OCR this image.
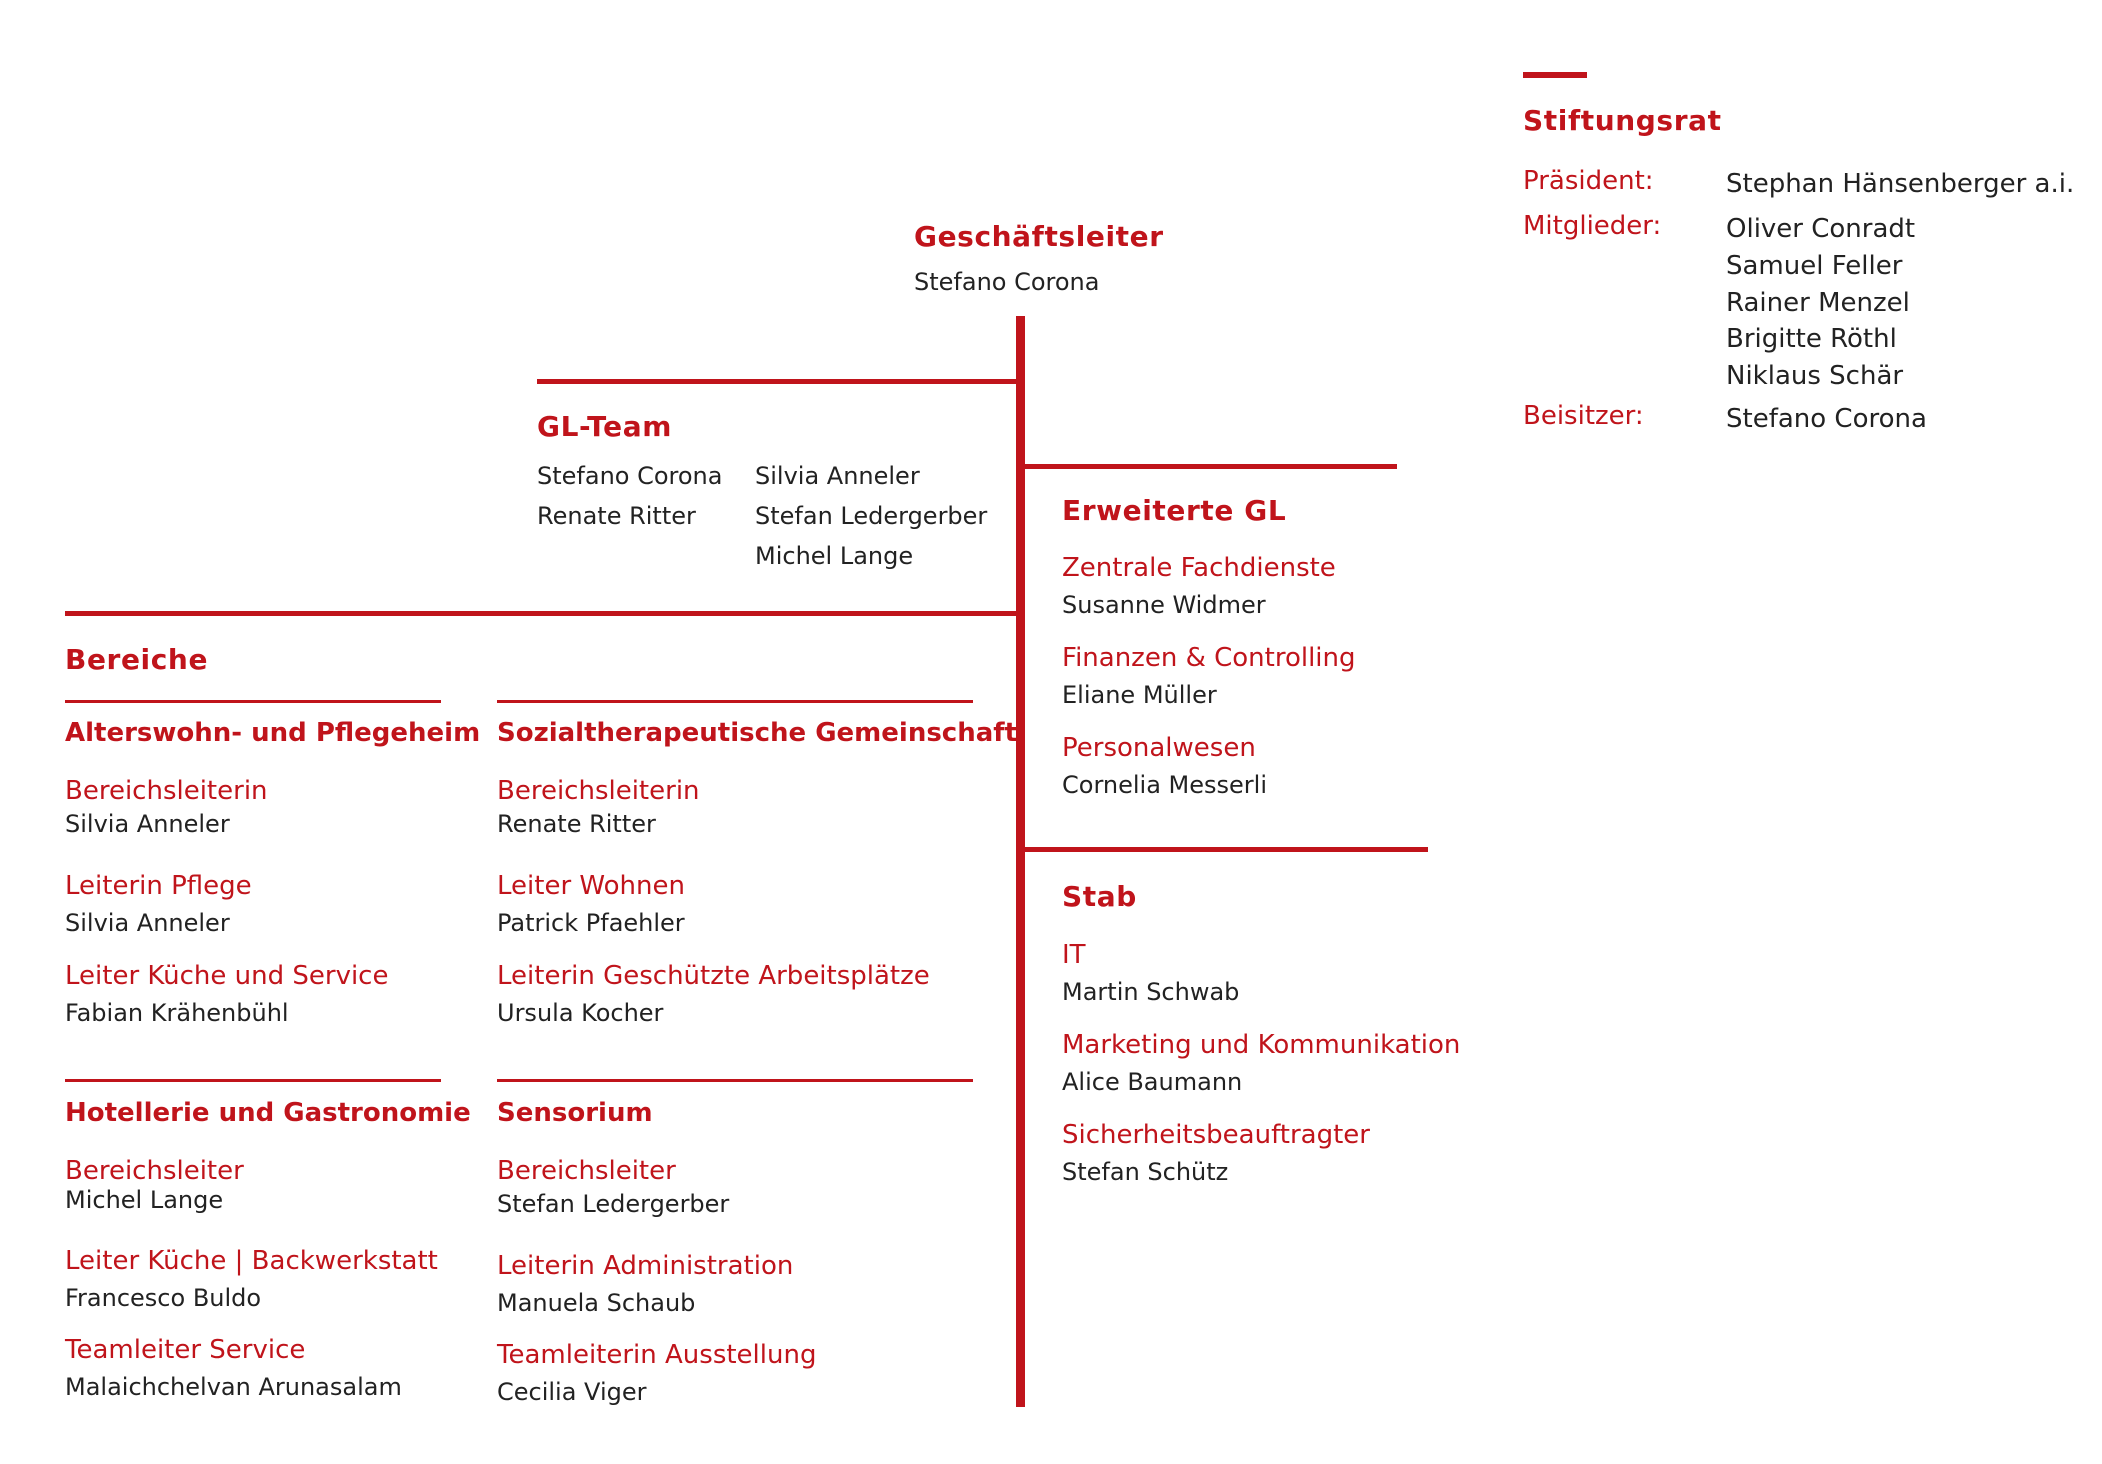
Geschäftsleiter

Stefano Corona

GL-Team

Stefano Corona

Renate Ritter

Silvia Anneler

Stefan Ledergerber

Michel Lange

Erweiterte GL

Zentrale Fachdienste
Susanne Widmer
Finanzen & Controlling
Eliane Müller
Personalwesen
Cornelia Messerli

Stab

IT
Martin Schwab
Marketing und Kommunikation
Alice Baumann
Sicherheitsbeauftragter
Stefan Schütz

Bereiche

Alterswohn- und Pflegeheim

Bereichsleiterin
Silvia Anneler
Leiterin Pflege
Silvia Anneler
Leiter Küche und Service
Fabian Krähenbühl

Sozialtherapeutische Gemeinschaft

Bereichsleiterin
Renate Ritter
Leiter Wohnen
Patrick Pfaehler
Leiterin Geschützte Arbeitsplätze
Ursula Kocher

Hotellerie und Gastronomie

Bereichsleiter
Michel Lange
Leiter Küche | Backwerkstatt
Francesco Buldo
Teamleiter Service
Malaichchelvan Arunasalam

Sensorium

Bereichsleiter
Stefan Ledergerber
Leiterin Administration
Manuela Schaub
Teamleiterin Ausstellung
Cecilia Viger

Stiftungsrat

Präsident:	Stephan Hänsenberger a.i.
Mitglieder: Oliver Conradt
Samuel Feller
Rainer Menzel
Brigitte Röthl
Niklaus Schär
Beisitzer:	Stefano Corona
